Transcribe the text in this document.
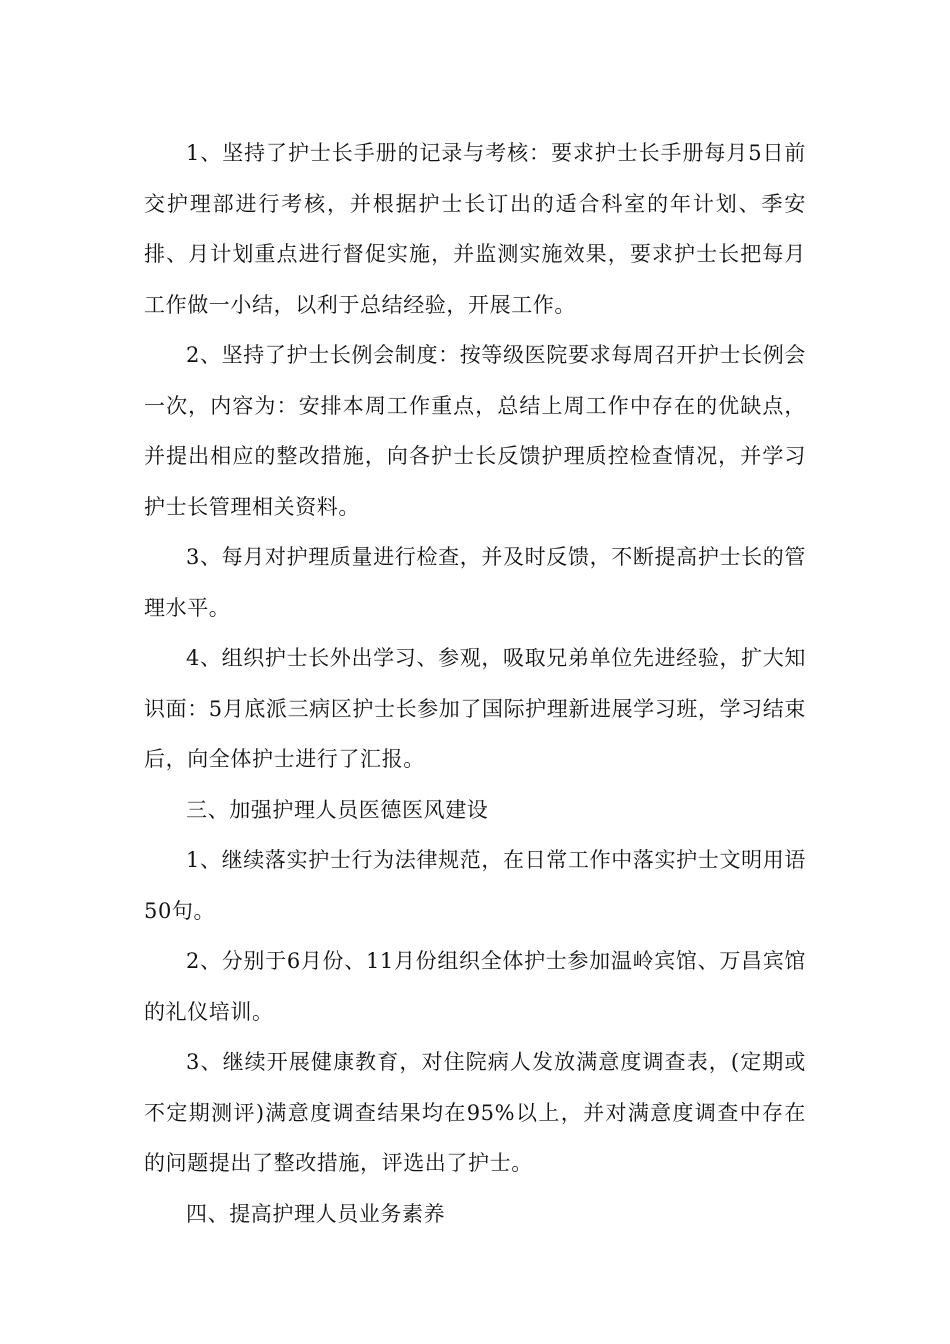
1、坚持了护士长手册的记录与考核：要求护士长手册每月5日前交护理部进行考核，并根据护士长订出的适合科室的年计划、季安排、月计划重点进行督促实施，并监测实施效果，要求护士长把每月工作做一小结，以利于总结经验，开展工作。

2、坚持了护士长例会制度：按等级医院要求每周召开护士长例会一次，内容为：安排本周工作重点，总结上周工作中存在的优缺点，并提出相应的整改措施，向各护士长反馈护理质控检查情况，并学习护士长管理相关资料。

3、每月对护理质量进行检查，并及时反馈，不断提高护士长的管理水平。

4、组织护士长外出学习、参观，吸取兄弟单位先进经验，扩大知识面：5月底派三病区护士长参加了国际护理新进展学习班，学习结束后，向全体护士进行了汇报。

三、加强护理人员医德医风建设

1、继续落实护士行为法律规范，在日常工作中落实护士文明用语50句。

2、分别于6月份、11月份组织全体护士参加温岭宾馆、万昌宾馆的礼仪培训。

3、继续开展健康教育，对住院病人发放满意度调查表，(定期或不定期测评)满意度调查结果均在95%以上，并对满意度调查中存在的问题提出了整改措施，评选出了护士。

四、提高护理人员业务素养
